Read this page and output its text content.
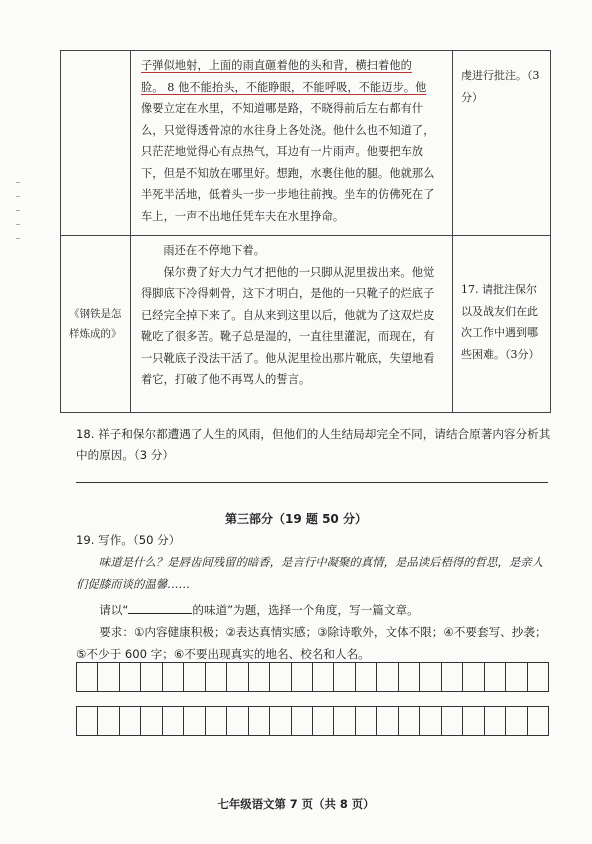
	子弹似地射，上面的雨直砸着他的头和背，横扫着他的

脸。 8 他不能抬头，不能睁眼，不能呼吸，不能迈步。他

像要立定在水里，不知道哪是路，不晓得前后左右都有什么，只觉得透骨凉的水往身上各处浇。他什么也不知道了，只茫茫地觉得心有点热气，耳边有一片雨声。他要把车放下，但是不知放在哪里好。想跑，水裹住他的腿。他就那么半死半活地，低着头一步一步地往前拽。坐车的仿佛死在了车上，一声不出地任凭车夫在水里挣命。	虔进行批注。（3分）

《钢铁是怎样炼成的》	雨还在不停地下着。

保尔费了好大力气才把他的一只脚从泥里拔出来。他觉得脚底下冷得刺骨，这下才明白，是他的一只靴子的烂底子已经完全掉下来了。自从来到这里以后，他就为了这双烂皮靴吃了很多苦。靴子总是湿的，一直往里灌泥，而现在，有一只靴底子没法干活了。他从泥里捡出那片靴底，失望地看着它，打破了他不再骂人的誓言。	17. 请批注保尔以及战友们在此次工作中遇到哪些困难。（3分）
18. 祥子和保尔都遭遇了人生的风雨，但他们的人生结局却完全不同，请结合原著内容分析其中的原因。（3 分）
第三部分（19 题 50 分）
19. 写作。（50 分）
味道是什么？是唇齿间残留的暗香，是言行中凝聚的真情，是品读后梧得的哲思，是亲人们促膝而谈的温馨……
请以“	的味道”为题，选择一个角度，写一篇文章。
要求：①内容健康积极；②表达真情实感；③除诗歌外，文体不限；④不要套写、抄袭；⑤不少于 600 字；⑥不要出现真实的地名、校名和人名。
七年级语文第 7 页（共 8 页）
